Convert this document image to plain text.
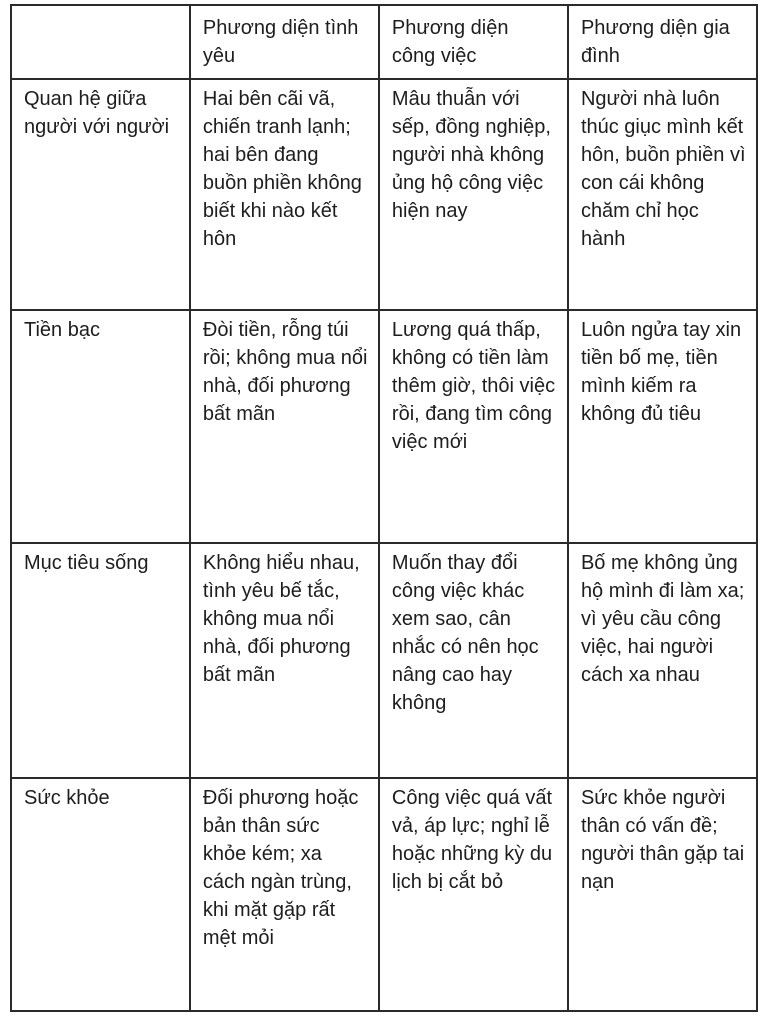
	Phương diện tình yêu	Phương diện công việc	Phương diện gia đình
Quan hệ giữa người với người	Hai bên cãi vã, chiến tranh lạnh; hai bên đang buồn phiền không biết khi nào kết hôn	Mâu thuẫn với sếp, đồng nghiệp, người nhà không ủng hộ công việc hiện nay	Người nhà luôn thúc giục mình kết hôn, buồn phiền vì con cái không chăm chỉ học hành
Tiền bạc	Đòi tiền, rỗng túi rồi; không mua nổi nhà, đối phương bất mãn	Lương quá thấp, không có tiền làm thêm giờ, thôi việc rồi, đang tìm công việc mới	Luôn ngửa tay xin tiền bố mẹ, tiền mình kiếm ra không đủ tiêu
Mục tiêu sống	Không hiểu nhau, tình yêu bế tắc, không mua nổi nhà, đối phương bất mãn	Muốn thay đổi công việc khác xem sao, cân nhắc có nên học nâng cao hay không	Bố mẹ không ủng hộ mình đi làm xa; vì yêu cầu công việc, hai người cách xa nhau
Sức khỏe	Đối phương hoặc bản thân sức khỏe kém; xa cách ngàn trùng, khi mặt gặp rất mệt mỏi	Công việc quá vất vả, áp lực; nghỉ lễ hoặc những kỳ du lịch bị cắt bỏ	Sức khỏe người thân có vấn đề; người thân gặp tai nạn
